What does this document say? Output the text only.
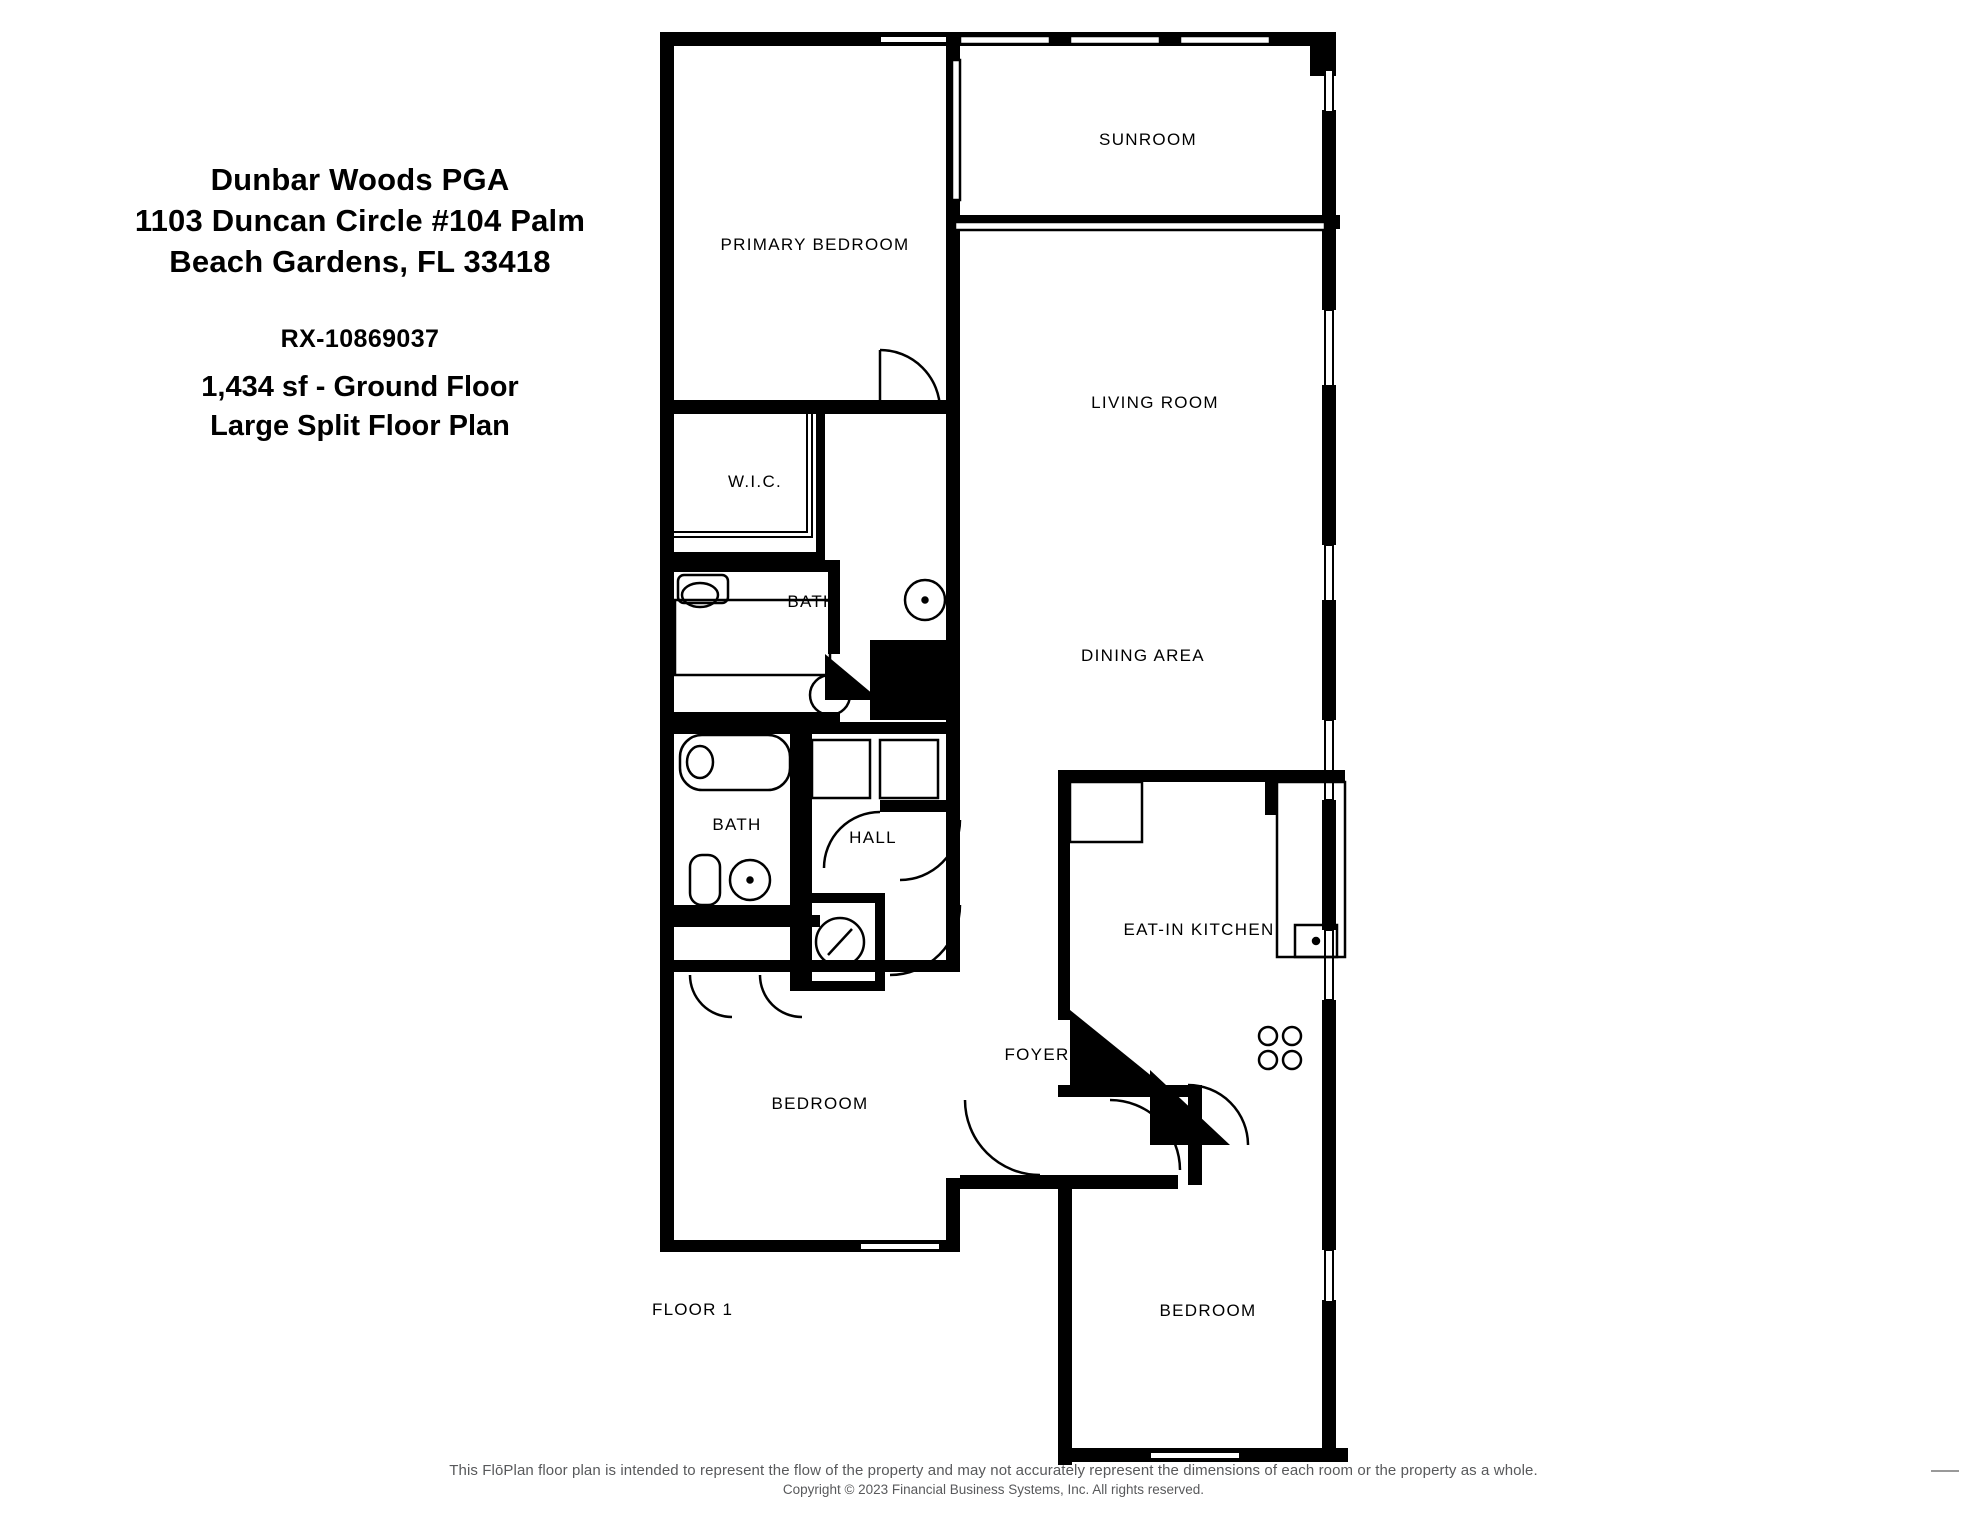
Dunbar Woods PGA
1103 Duncan Circle #104 Palm
Beach Gardens, FL 33418
RX-10869037
1,434 sf - Ground Floor
Large Split Floor Plan
SUNROOM
PRIMARY BEDROOM
LIVING ROOM
W.I.C.
BATH
DINING AREA
BATH
HALL
EAT-IN KITCHEN
FOYER
BEDROOM
BEDROOM
FLOOR 1
This FlōPlan floor plan is intended to represent the flow of the property and may not accurately represent the dimensions of each room or the property as a whole.
Copyright © 2023 Financial Business Systems, Inc. All rights reserved.
